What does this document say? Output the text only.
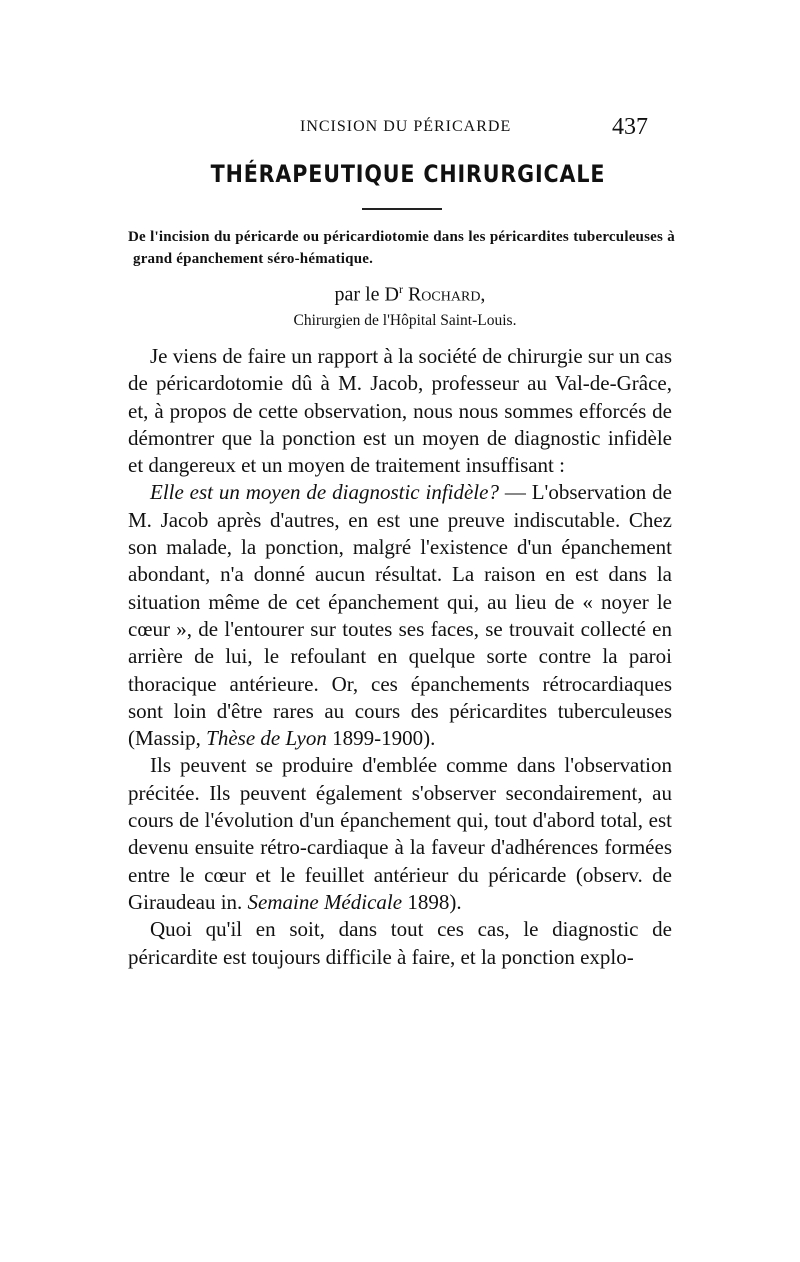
INCISION DU PÉRICARDE	437
THÉRAPEUTIQUE CHIRURGICALE
De l'incision du péricarde ou péricardiotomie dans les péricardites tuberculeuses à grand épanchement séro-hématique.
par le $D^r$ Rochard,
Chirurgien de l'Hôpital Saint-Louis.

Je viens de faire un rapport à la société de chirurgie sur un cas de péricardotomie dû à M. Jacob, professeur au Val-de-Grâce, et, à propos de cette observation, nous nous sommes efforcés de démontrer que la ponction est un moyen de diagnostic infidèle et dangereux et un moyen de traitement insuffisant :

Elle est un moyen de diagnostic infidèle? — L'observation de M. Jacob après d'autres, en est une preuve indiscutable. Chez son malade, la ponction, malgré l'existence d'un épanchement abondant, n'a donné aucun résultat. La raison en est dans la situation même de cet épanchement qui, au lieu de « noyer le cœur », de l'entourer sur toutes ses faces, se trouvait collecté en arrière de lui, le refoulant en quelque sorte contre la paroi thoracique antérieure. Or, ces épanchements rétrocardiaques sont loin d'être rares au cours des péricardites tuberculeuses (Massip, Thèse de Lyon 1899-1900).

Ils peuvent se produire d'emblée comme dans l'observation précitée. Ils peuvent également s'observer secondairement, au cours de l'évolution d'un épanchement qui, tout d'abord total, est devenu ensuite rétro-cardiaque à la faveur d'adhérences formées entre le cœur et le feuillet antérieur du péricarde (observ. de Giraudeau in. Semaine Médicale 1898).

Quoi qu'il en soit, dans tout ces cas, le diagnostic de péricardite est toujours difficile à faire, et la ponction explo-
